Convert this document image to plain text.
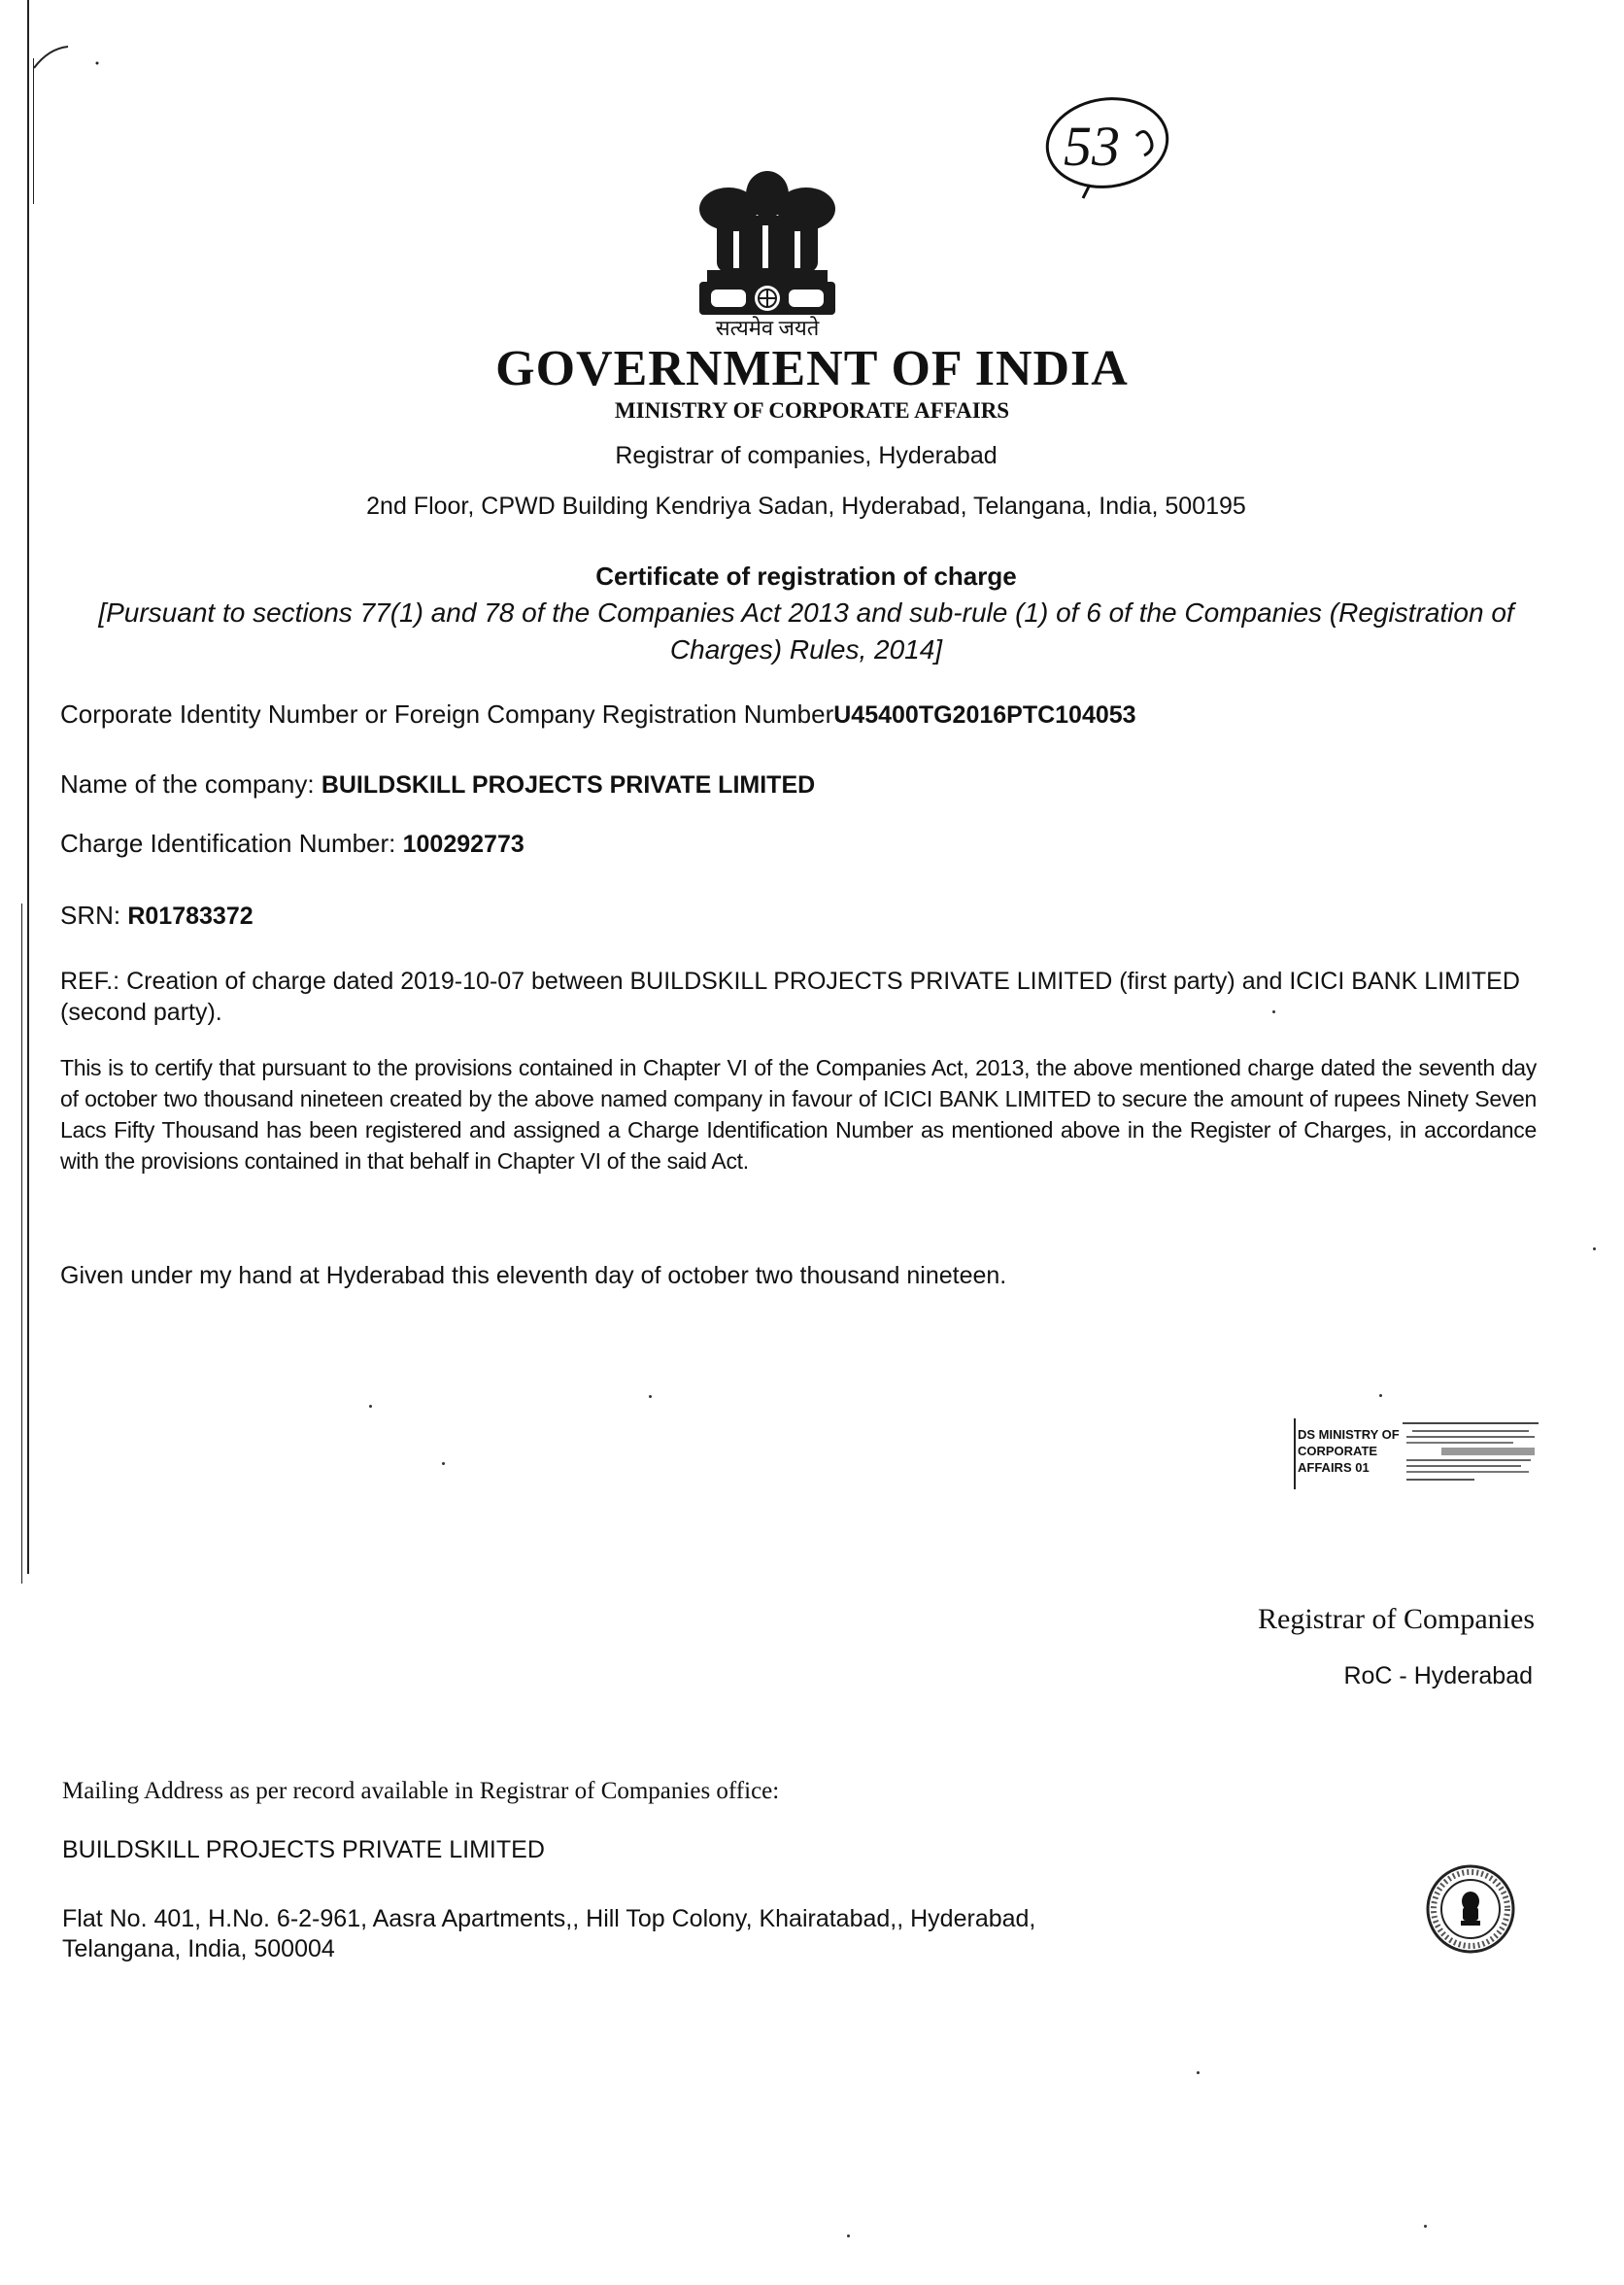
53
सत्यमेव जयते
GOVERNMENT OF INDIA
MINISTRY OF CORPORATE AFFAIRS
Registrar of companies, Hyderabad
2nd Floor, CPWD Building Kendriya Sadan, Hyderabad, Telangana, India, 500195
Certificate of registration of charge
[Pursuant to sections 77(1) and 78 of the Companies Act 2013 and sub-rule (1) of 6 of the Companies (Registration of
Charges) Rules, 2014]
Corporate Identity Number or Foreign Company Registration NumberU45400TG2016PTC104053
Name of the company: BUILDSKILL PROJECTS PRIVATE LIMITED
Charge Identification Number: 100292773
SRN: R01783372
REF.: Creation of charge dated 2019-10-07 between BUILDSKILL PROJECTS PRIVATE LIMITED (first party) and ICICI BANK LIMITED (second party).
This is to certify that pursuant to the provisions contained in Chapter VI of the Companies Act, 2013, the above mentioned charge dated the seventh day of october two thousand nineteen created by the above named company in favour of ICICI BANK LIMITED to secure the amount of rupees Ninety Seven Lacs Fifty Thousand has been registered and assigned a Charge Identification Number as mentioned above in the Register of Charges, in accordance with the provisions contained in that behalf in Chapter VI of the said Act.
Given under my hand at Hyderabad this eleventh day of october two thousand nineteen.
DS MINISTRY OF
CORPORATE
AFFAIRS 01
Registrar of Companies
RoC - Hyderabad
Mailing Address as per record available in Registrar of Companies office:
BUILDSKILL PROJECTS PRIVATE LIMITED
Flat No. 401, H.No. 6-2-961, Aasra Apartments,, Hill Top Colony, Khairatabad,, Hyderabad,
Telangana, India, 500004
